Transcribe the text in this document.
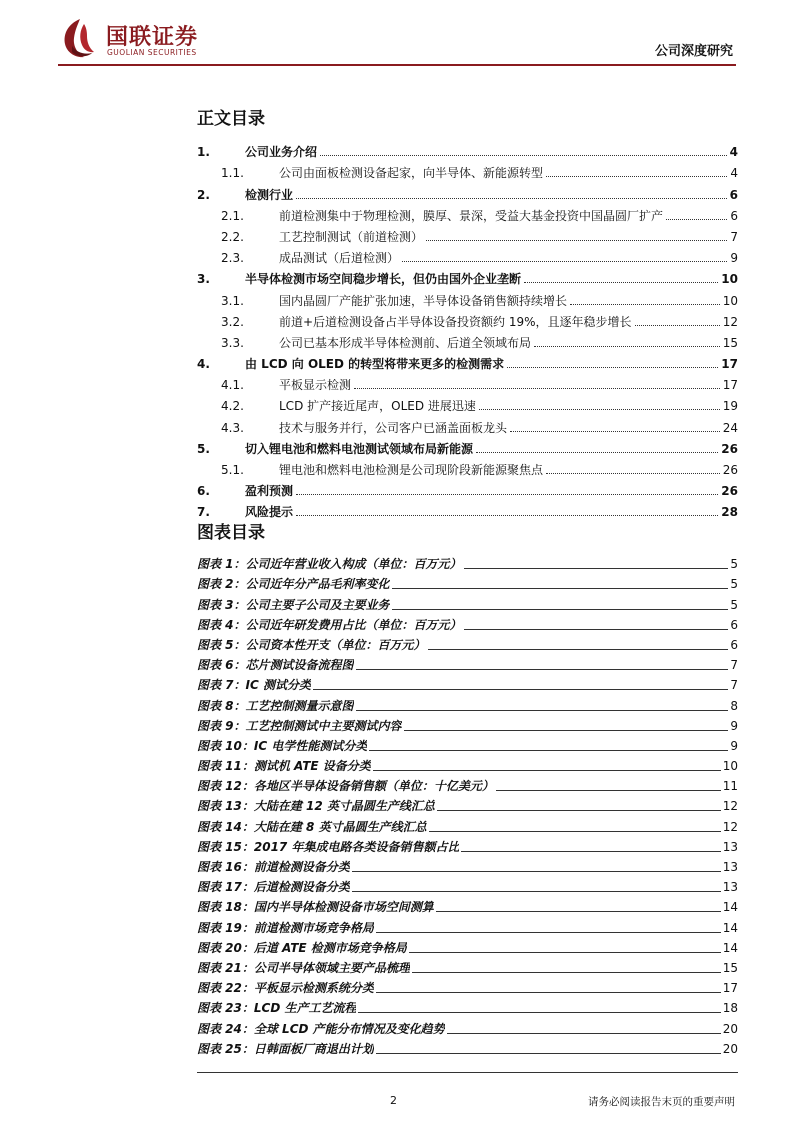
国联证券
GUOLIAN SECURITIES	公司深度研究
正文目录
1.	公司业务介绍	4
1.1.	公司由面板检测设备起家，向半导体、新能源转型	4
2.	检测行业	6
2.1.	前道检测集中于物理检测，膜厚、景深，受益大基金投资中国晶圆厂扩产	6
2.2.	工艺控制测试（前道检测）	7
2.3.	成品测试（后道检测）	9
3.	半导体检测市场空间稳步增长，但仍由国外企业垄断	10
3.1.	国内晶圆厂产能扩张加速，半导体设备销售额持续增长	10
3.2.	前道+后道检测设备占半导体设备投资额约 19%，且逐年稳步增长	12
3.3.	公司已基本形成半导体检测前、后道全领域布局	15
4.	由 LCD 向 OLED 的转型将带来更多的检测需求	17
4.1.	平板显示检测	17
4.2.	LCD 扩产接近尾声，OLED 进展迅速	19
4.3.	技术与服务并行，公司客户已涵盖面板龙头	24
5.	切入锂电池和燃料电池测试领域布局新能源	26
5.1.	锂电池和燃料电池检测是公司现阶段新能源聚焦点	26
6.	盈利预测	26
7.	风险提示	28
图表目录
图表 1：公司近年营业收入构成（单位：百万元）	5
图表 2：公司近年分产品毛利率变化	5
图表 3：公司主要子公司及主要业务	5
图表 4：公司近年研发费用占比（单位：百万元）	6
图表 5：公司资本性开支（单位：百万元）	6
图表 6：芯片测试设备流程图	7
图表 7：IC 测试分类	7
图表 8：工艺控制测量示意图	8
图表 9：工艺控制测试中主要测试内容	9
图表 10：IC 电学性能测试分类	9
图表 11：测试机 ATE 设备分类	10
图表 12：各地区半导体设备销售额（单位：十亿美元）	11
图表 13：大陆在建 12 英寸晶圆生产线汇总	12
图表 14：大陆在建 8 英寸晶圆生产线汇总	12
图表 15：2017 年集成电路各类设备销售额占比	13
图表 16：前道检测设备分类	13
图表 17：后道检测设备分类	13
图表 18：国内半导体检测设备市场空间测算	14
图表 19：前道检测市场竞争格局	14
图表 20：后道 ATE 检测市场竞争格局	14
图表 21：公司半导体领域主要产品梳理	15
图表 22：平板显示检测系统分类	17
图表 23：LCD 生产工艺流程	18
图表 24：全球 LCD 产能分布情况及变化趋势	20
图表 25：日韩面板厂商退出计划	20
2	请务必阅读报告末页的重要声明
